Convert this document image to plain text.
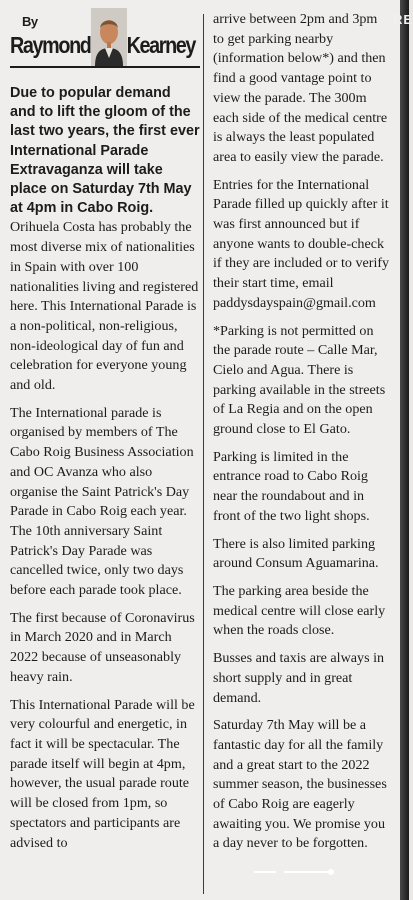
By
Raymond Kearney

Due to popular demand and to lift the gloom of the last two years, the first ever International Parade Extravaganza will take place on Saturday 7th May at 4pm in Cabo Roig.

Orihuela Costa has probably the most diverse mix of nationalities in Spain with over 100 nationalities living and registered here. This International Parade is a non-political, non-religious, non-ideological day of fun and celebration for everyone young and old.

The International parade is organised by members of The Cabo Roig Business Association and OC Avanza who also organise the Saint Patrick's Day Parade in Cabo Roig each year. The 10th anniversary Saint Patrick's Day Parade was cancelled twice, only two days before each parade took place.

The first because of Coronavirus in March 2020 and in March 2022 because of unseasonably heavy rain.

This International Parade will be very colourful and energetic, in fact it will be spectacular. The parade itself will begin at 4pm, however, the usual parade route will be closed from 1pm, so spectators and participants are advised to

arrive between 2pm and 3pm to get parking nearby (information below*) and then find a good vantage point to view the parade. The 300m each side of the medical centre is always the least populated area to easily view the parade.

Entries for the International Parade filled up quickly after it was first announced but if anyone wants to double-check if they are included or to verify their start time, email paddysdayspain@gmail.com

*Parking is not permitted on the parade route – Calle Mar, Cielo and Agua. There is parking available in the streets of La Regia and on the open ground close to El Gato.

Parking is limited in the entrance road to Cabo Roig near the roundabout and in front of the two light shops.

There is also limited parking around Consum Aguamarina.

The parking area beside the medical centre will close early when the roads close.

Busses and taxis are always in short supply and in great demand.

Saturday 7th May will be a fantastic day for all the family and a great start to the 2022 summer season, the businesses of Cabo Roig are eagerly awaiting you. We promise you a day never to be forgotten.

RE
